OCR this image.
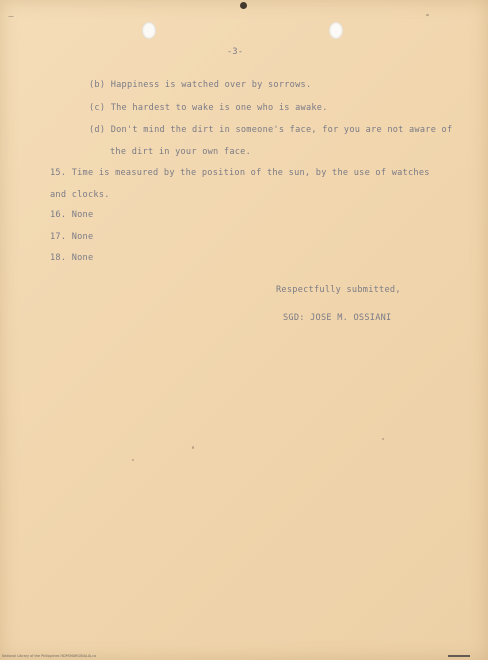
-3-
(b) Happiness is watched over by sorrows.
(c) The hardest to wake is one who is awake.
(d) Don't mind the dirt in someone's face, for you are not aware of
the dirt in your own face.
15. Time is measured by the position of the sun, by the use of watches
and clocks.
16. None
17. None
18. None
Respectfully submitted,
SGD: JOSE M. OSSIANI
National Library of the Philippines HDPSMARGINALIA.ca
